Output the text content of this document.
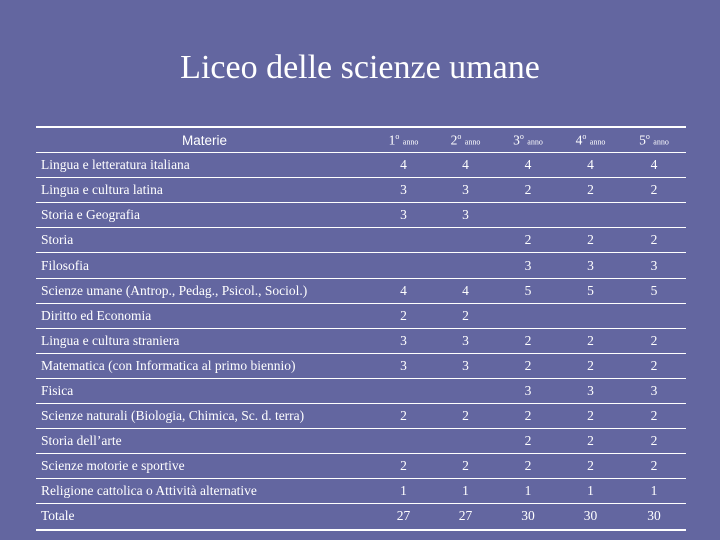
Liceo delle scienze umane
Materie	1$^o$ anno	2$^o$ anno	3$^o$ anno	4$^o$ anno	5$^o$ anno
Lingua e letteratura italiana	4	4	4	4	4
Lingua e cultura latina	3	3	2	2	2
Storia e Geografia	3	3			
Storia			2	2	2
Filosofia			3	3	3
Scienze umane (Antrop., Pedag., Psicol., Sociol.)	4	4	5	5	5
Diritto ed Economia	2	2			
Lingua e cultura straniera	3	3	2	2	2
Matematica (con Informatica al primo biennio)	3	3	2	2	2
Fisica			3	3	3
Scienze naturali (Biologia, Chimica, Sc. d. terra)	2	2	2	2	2
Storia dell’arte			2	2	2
Scienze motorie e sportive	2	2	2	2	2
Religione cattolica o Attività alternative	1	1	1	1	1
Totale	27	27	30	30	30
